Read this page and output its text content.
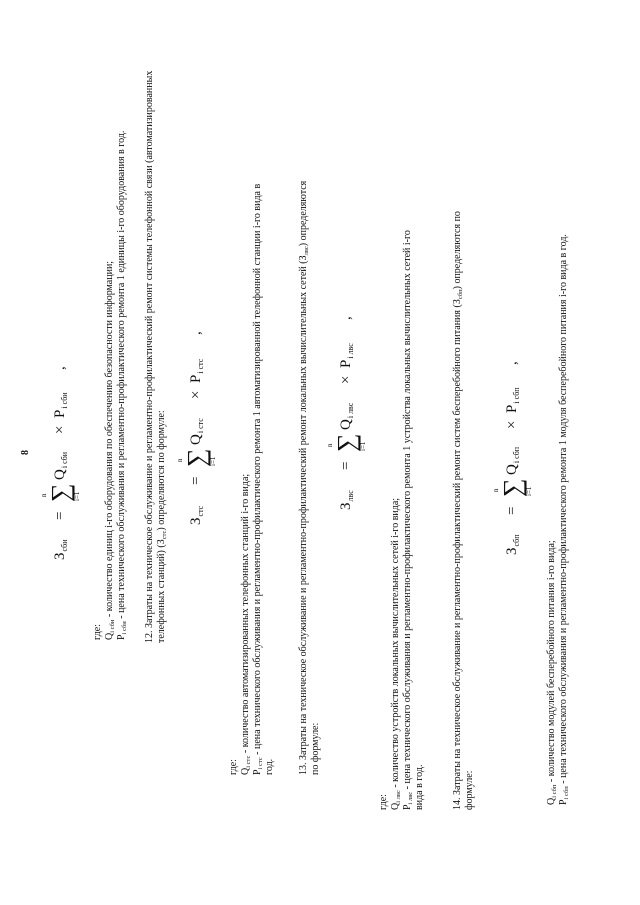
8
$З_{сби}$
=
n
∑
i=1
$Q_{i сби}$
×
$P_{i сби}$
,
где: $Q_{i сби}$ - количество единиц i-го оборудования по обеспечению безопасности информации;
$P_{i сби}$ - цена технического обслуживания и регламентно-профилактического ремонта 1 единицы i-го оборудования в год.	12. Затраты на техническое обслуживание и регламентно-профилактический ремонт системы телефонной связи (автоматизированных телефонных станций) $(З_{стс})$ определяются по формуле: $З_{стс}$
=
n
∑
i=1
$Q_{i стс}$
×
$P_{i стс}$
,
где: $Q_{i стс}$ - количество автоматизированных телефонных станций i-го вида;
$P_{i стс}$ - цена технического обслуживания и регламентно-профилактического ремонта 1 автоматизированной телефонной станции i-го вида в
год. 13. Затраты на техническое обслуживание и регламентно-профилактический ремонт локальных вычислительных сетей $(З_{лвс})$ определяются
по формуле:
$З_{лвс}$
=
n
∑
i=1
$Q_{i лвс}$
×
$P_{i лвс}$
,
где: $Q_{i лвс}$ - количество устройств локальных вычислительных сетей i-го вида;
$P_{i лвс}$ - цена технического обслуживания и регламентно-профилактического ремонта 1 устройства локальных вычислительных сетей i-го вида в год.	14. Затраты на техническое обслуживание и регламентно-профилактический ремонт систем бесперебойного питания $(З_{сбп})$ определяются по
формуле:
$З_{сбп}$
=
n
∑
i=1
$Q_{i сбп}$
×
$P_{i сбп}$
,
$Q_{i сбп}$ - количество модулей бесперебойного питания i-го вида;
$P_{i сбп}$ - цена технического обслуживания и регламентно-профилактического ремонта 1 модуля бесперебойного питания i-го вида в год.
